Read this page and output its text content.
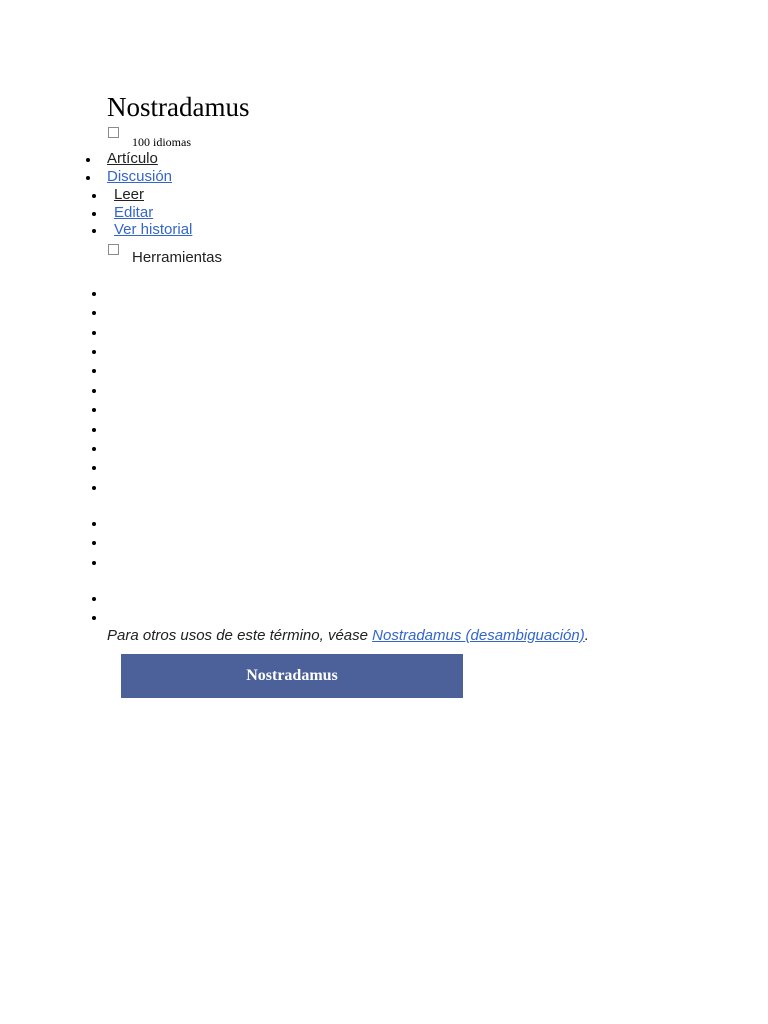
Nostradamus
100 idiomas
Artículo
Discusión
Leer
Editar
Ver historial
Herramientas
Para otros usos de este término, véase Nostradamus (desambiguación).
Nostradamus
